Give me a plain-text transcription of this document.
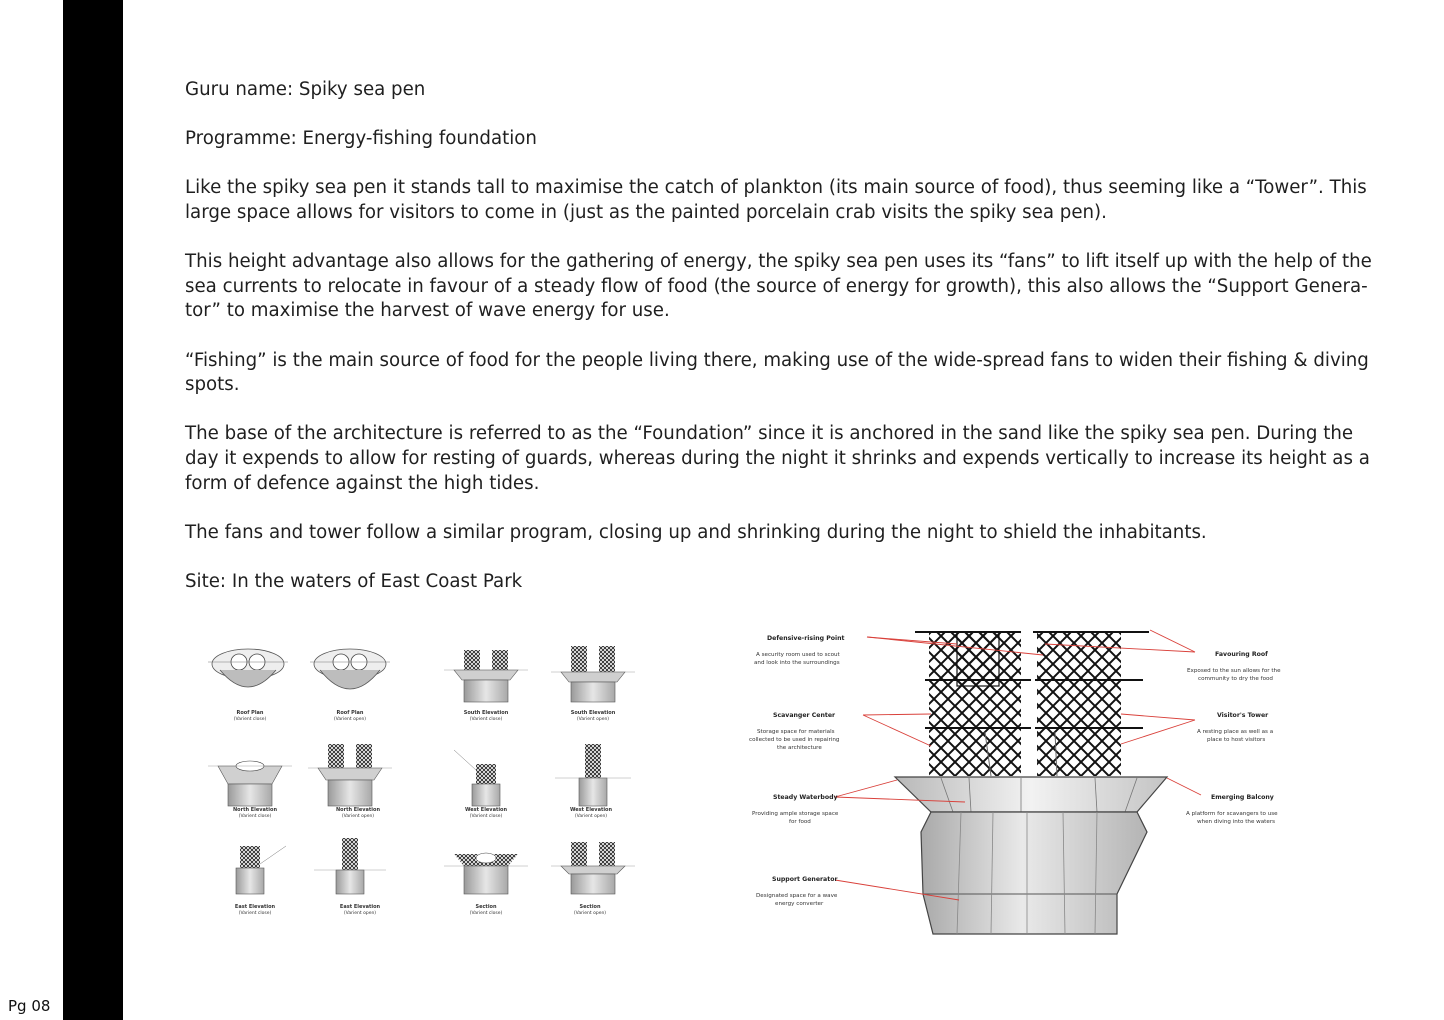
Pg 08

Guru name: Spiky sea pen

Programme: Energy-fishing foundation

Like the spiky sea pen it stands tall to maximise the catch of plankton (its main source of food), thus seeming like a “Tower”. This large space allows for visitors to come in (just as the painted porcelain crab visits the spiky sea pen).

This height advantage also allows for the gathering of energy, the spiky sea pen uses its “fans” to lift itself up with the help of the sea currents to relocate in favour of a steady flow of food (the source of energy for growth), this also allows the “Support Genera-tor” to maximise the harvest of wave energy for use.

“Fishing” is the main source of food for the people living there, making use of the wide-spread fans to widen their fishing & diving spots.

The base of the architecture is referred to as the “Foundation” since it is anchored in the sand like the spiky sea pen. During the day it expends to allow for resting of guards, whereas during the night it shrinks and expends vertically to increase its height as a form of defence against the high tides.

The fans and tower follow a similar program, closing up and shrinking during the night to shield the inhabitants.

Site: In the waters of East Coast Park

Roof Plan
(Varient close)
Roof Plan
(Varient open)
South Elevation
(Varient close)
South Elevation
(Varient open)
North Elevation
(Varient close)
North Elevation
(Varient open)
West Elevation
(Varient close)
West Elevation
(Varient open)
East Elevation
(Varient close)
East Elevation
(Varient open)
Section
(Varient close)
Section
(Varient open)
Defensive-rising Point
A security room used to scout
and look into the surroundings
Scavanger Center
Storage space for materials
collected to be used in repairing
the architecture
Steady Waterbody
Providing ample storage space
for food
Support Generator
Designated space for a wave
energy converter
Favouring Roof
Exposed to the sun allows for the
community to dry the food
Visitor's Tower
A resting place as well as a
place to host visitors
Emerging Balcony
A platform for scavangers to use
when diving into the waters
